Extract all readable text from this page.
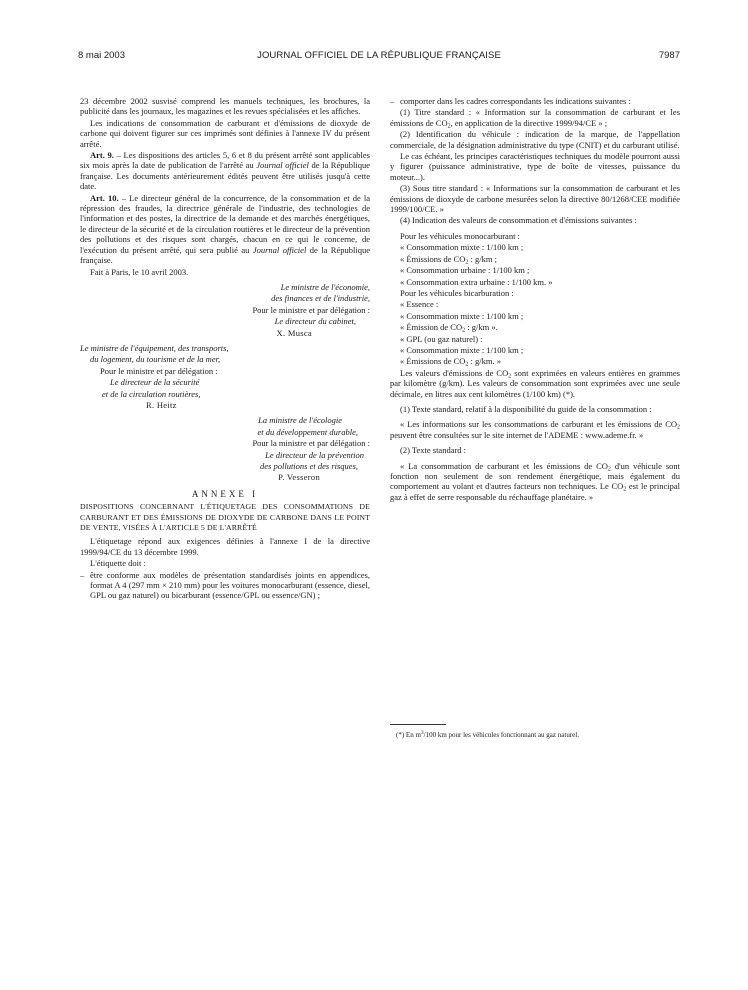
8 mai 2003	JOURNAL OFFICIEL DE LA RÉPUBLIQUE FRANÇAISE	7987

23 décembre 2002 susvisé comprend les manuels techniques, les brochures, la publicité dans les journaux, les magazines et les revues spécialisées et les affiches.

Les indications de consommation de carburant et d'émissions de dioxyde de carbone qui doivent figurer sur ces imprimés sont définies à l'annexe IV du présent arrêté.

Art. 9. – Les dispositions des articles 5, 6 et 8 du présent arrêté sont applicables six mois après la date de publication de l'arrêté au Journal officiel de la République française. Les documents antérieurement édités peuvent être utilisés jusqu'à cette date.

Art. 10. – Le directeur général de la concurrence, de la consommation et de la répression des fraudes, la directrice générale de l'industrie, des technologies de l'information et des postes, la directrice de la demande et des marchés énergétiques, le directeur de la sécurité et de la circulation routières et le directeur de la prévention des pollutions et des risques sont chargés, chacun en ce qui le concerne, de l'exécution du présent arrêté, qui sera publié au Journal officiel de la République française.

Fait à Paris, le 10 avril 2003.

Le ministre de l'économie,

des finances et de l'industrie,

Pour le ministre et par délégation :

Le directeur du cabinet,

X. Musca

Le ministre de l'équipement, des transports,

du logement, du tourisme et de la mer,

Pour le ministre et par délégation :

Le directeur de la sécurité

et de la circulation routières,

R. Heitz

La ministre de l'écologie

et du développement durable,

Pour la ministre et par délégation :

Le directeur de la prévention

des pollutions et des risques,

P. Vesseron

ANNEXE I

DISPOSITIONS CONCERNANT L'ÉTIQUETAGE DES CONSOMMATIONS DE CARBURANT ET DES ÉMISSIONS DE DIOXYDE DE CARBONE DANS LE POINT DE VENTE, VISÉES À L'ARTICLE 5 DE L'ARRÊTÉ

L'étiquetage répond aux exigences définies à l'annexe I de la directive 1999/94/CE du 13 décembre 1999.

L'étiquette doit :

– être conforme aux modèles de présentation standardisés joints en appendices, format A 4 (297 mm × 210 mm) pour les voitures monocarburant (essence, diesel, GPL ou gaz naturel) ou bicarburant (essence/GPL ou essence/GN) ;

– comporter dans les cadres correspondants les indications suivantes :

(1) Titre standard : « Information sur la consommation de carburant et les émissions de $CO_2$, en application de la directive 1999/94/CE » ;

(2) Identification du véhicule : indication de la marque, de l'appellation commerciale, de la désignation administrative du type (CNIT) et du carburant utilisé.

Le cas échéant, les principes caractéristiques techniques du modèle pourront aussi y figurer (puissance administrative, type de boîte de vitesses, puissance du moteur...).

(3) Sous titre standard : « Informations sur la consommation de carburant et les émissions de dioxyde de carbone mesurées selon la directive 80/1268/CEE modifiée 1999/100/CE. »

(4) Indication des valeurs de consommation et d'émissions suivantes :

Pour les véhicules monocarburant :

« Consommation mixte : 1/100 km ;

« Émissions de $CO_2$ : g/km ;

« Consommation urbaine : 1/100 km ;

« Consommation extra urbaine : 1/100 km. »

Pour les véhicules bicarburation :

« Essence :

« Consommation mixte : 1/100 km ;

« Émission de $CO_2$ : g/km ».

« GPL (ou gaz naturel) :

« Consommation mixte : 1/100 km ;

« Émissions de $CO_2$ : g/km. »

Les valeurs d'émissions de $CO_2$ sont exprimées en valeurs entières en grammes par kilomètre (g/km). Les valeurs de consommation sont exprimées avec une seule décimale, en litres aux cent kilomètres (1/100 km) (*).

(1) Texte standard, relatif à la disponibilité du guide de la consommation :

« Les informations sur les consommations de carburant et les émissions de $CO_2$ peuvent être consultées sur le site internet de l'ADEME : www.ademe.fr. »

(2) Texte standard :

« La consommation de carburant et les émissions de $CO_2$ d'un véhicule sont fonction non seulement de son rendement énergétique, mais également du comportement au volant et d'autres facteurs non techniques. Le $CO_2$ est le principal gaz à effet de serre responsable du réchauffage planétaire. »

(*) En $m^3/100$ km pour les véhicules fonctionnant au gaz naturel.
